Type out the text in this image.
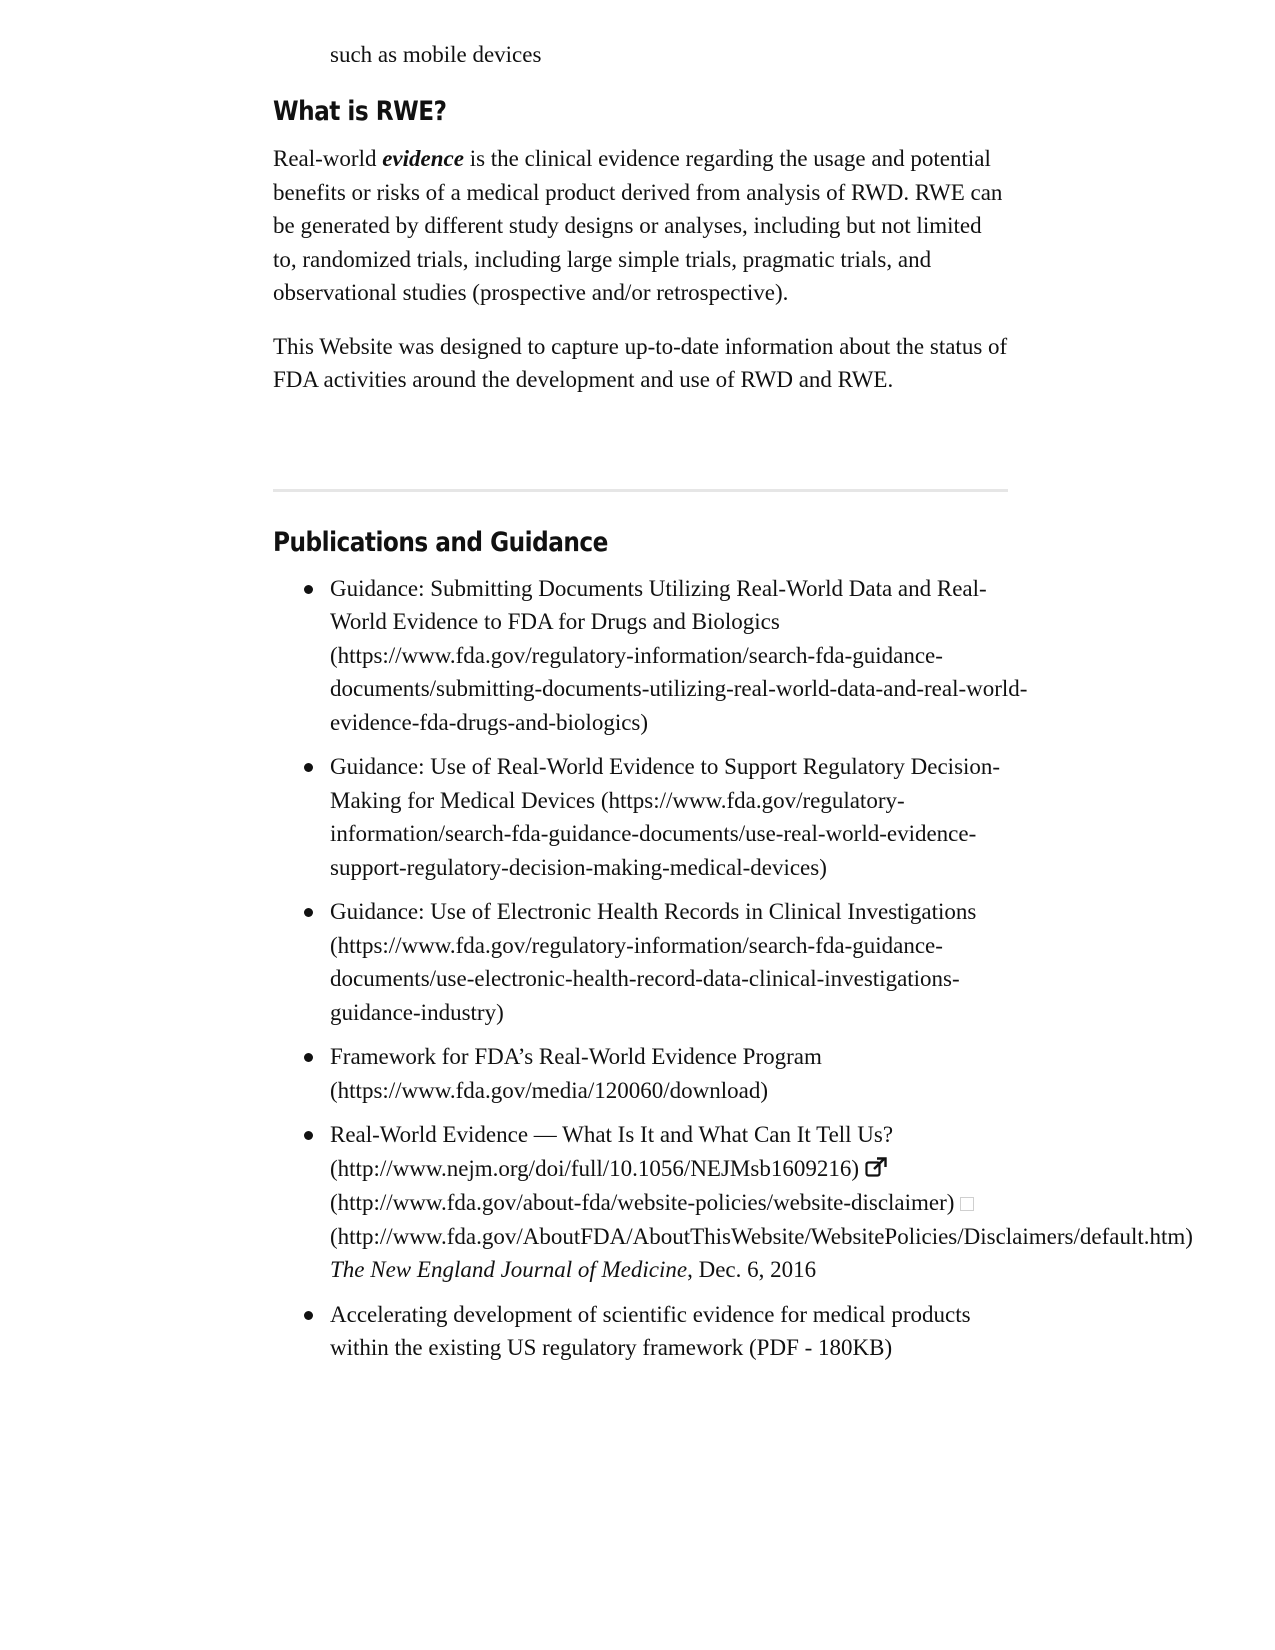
such as mobile devices

What is RWE?

Real-world evidence is the clinical evidence regarding the usage and potential benefits or risks of a medical product derived from analysis of RWD. RWE can be generated by different study designs or analyses, including but not limited to, randomized trials, including large simple trials, pragmatic trials, and observational studies (prospective and/or retrospective).

This Website was designed to capture up-to-date information about the status of FDA activities around the development and use of RWD and RWE.

Publications and Guidance
Guidance: Submitting Documents Utilizing Real-World Data and Real-World Evidence to FDA for Drugs and Biologics (https://www.fda.gov/regulatory-information/search-fda-guidance-documents/submitting-documents-utilizing-real-world-data-and-real-world-evidence-fda-drugs-and-biologics)
Guidance: Use of Real-World Evidence to Support Regulatory Decision-Making for Medical Devices (https://www.fda.gov/regulatory-information/search-fda-guidance-documents/use-real-world-evidence-support-regulatory-decision-making-medical-devices)
Guidance: Use of Electronic Health Records in Clinical Investigations (https://www.fda.gov/regulatory-information/search-fda-guidance-documents/use-electronic-health-record-data-clinical-investigations-guidance-industry)
Framework for FDA’s Real-World Evidence Program
(https://www.fda.gov/media/120060/download)
Real-World Evidence — What Is It and What Can It Tell Us?
(http://www.nejm.org/doi/full/10.1056/NEJMsb1609216)
(http://www.fda.gov/about-fda/website-policies/website-disclaimer)
(http://www.fda.gov/AboutFDA/AboutThisWebsite/WebsitePolicies/Disclaimers/default.htm)
The New England Journal of Medicine, Dec. 6, 2016
Accelerating development of scientific evidence for medical products within the existing US regulatory framework (PDF - 180KB)
